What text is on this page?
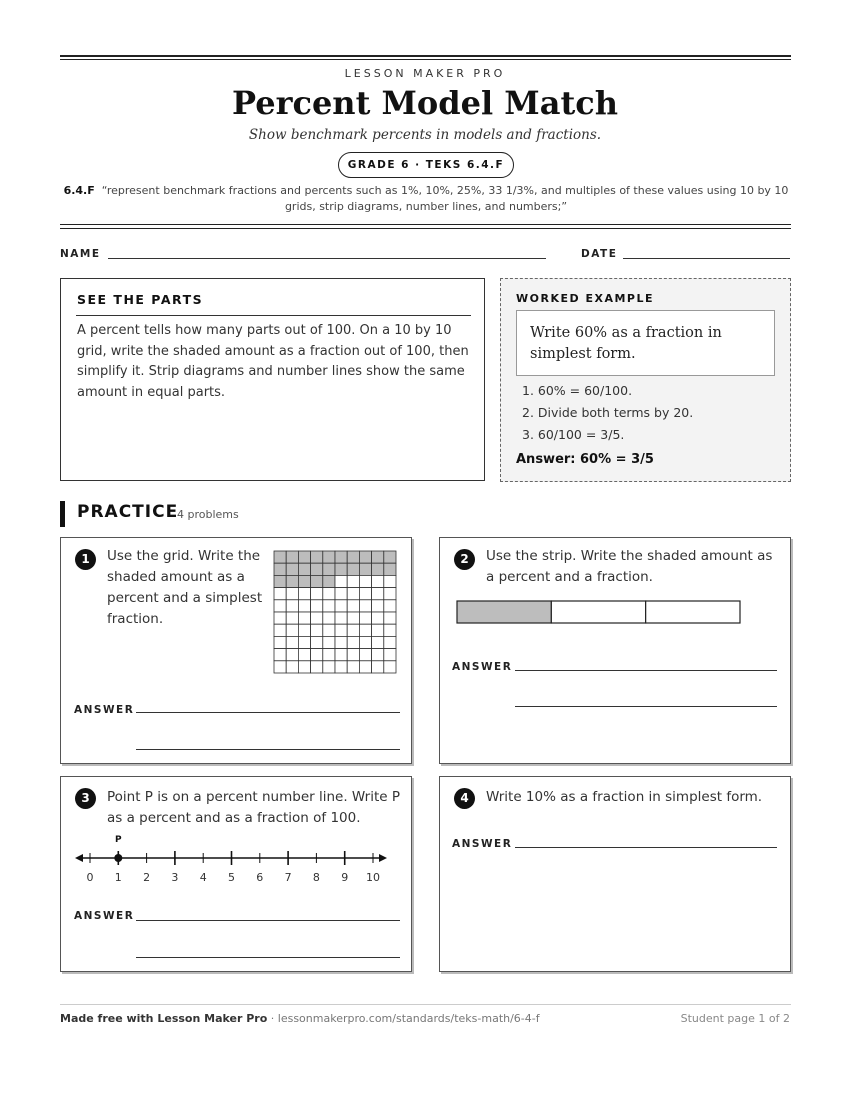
LESSON MAKER PRO
Percent Model Match
Show benchmark percents in models and fractions.
GRADE 6 · TEKS 6.4.F
6.4.F “represent benchmark fractions and percents such as 1%, 10%, 25%, 33 1/3%, and multiples of these values using 10 by 10 grids, strip diagrams, number lines, and numbers;”
NAME	DATE
SEE THE PARTS
A percent tells how many parts out of 100. On a 10 by 10 grid, write the shaded amount as a fraction out of 100, then simplify it. Strip diagrams and number lines show the same amount in equal parts.
WORKED EXAMPLE
Write 60% as a fraction in simplest form.
1. 60% = 60/100.
2. Divide both terms by 20.
3. 60/100 = 3/5.
Answer: 60% = 3/5
PRACTICE
4 problems
1	Use the grid. Write the shaded amount as a percent and a simplest fraction.
ANSWER
2	Use the strip. Write the shaded amount as a percent and a fraction.
ANSWER
3	Point P is on a percent number line. Write P as a percent and as a fraction of 100.
0 1 2 3 4 5 6 7 8 9 10
P
ANSWER
4	Write 10% as a fraction in simplest form.
ANSWER
Made free with Lesson Maker Pro · lessonmakerpro.com/standards/teks-math/6-4-f	Student page 1 of 2
